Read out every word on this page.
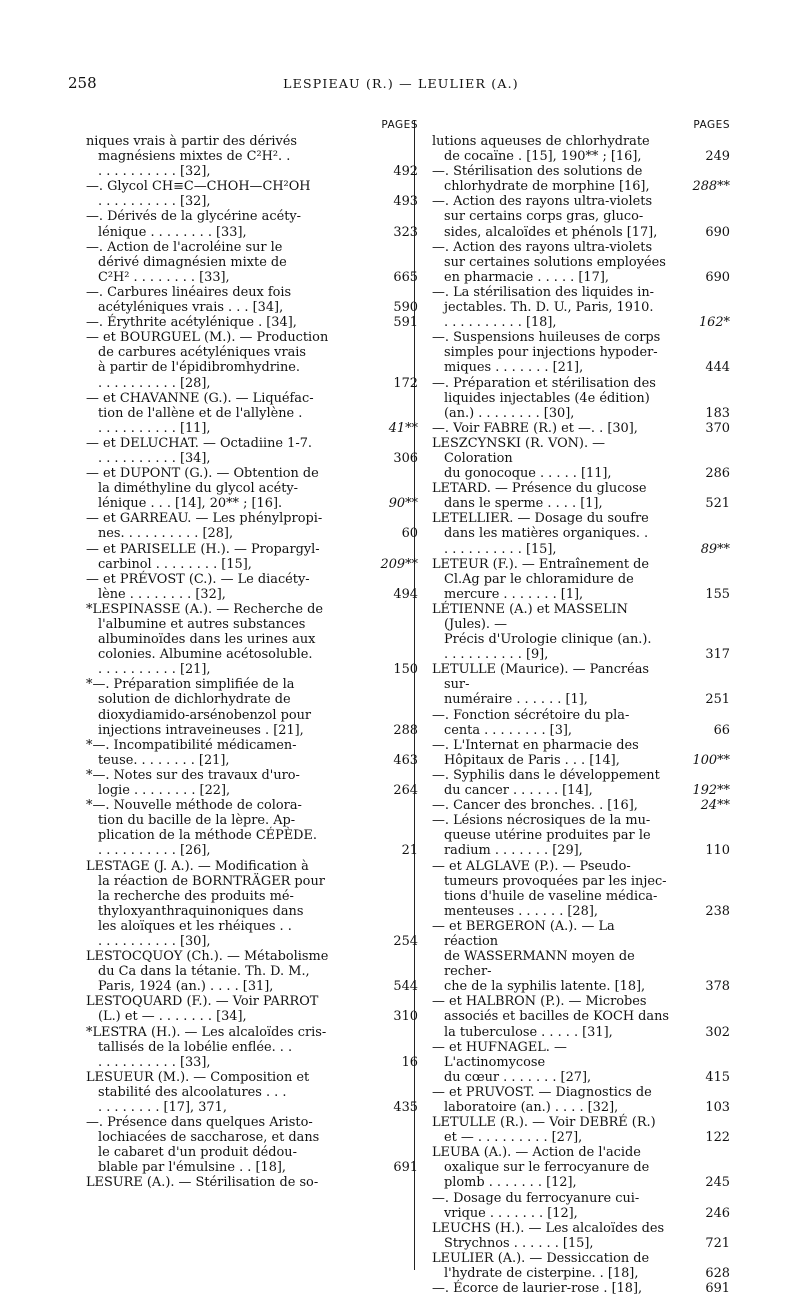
258	LESPIEAU (R.) — LEULIER (A.)
PAGES
niques vrais à partir des dérivés
magnésiens mixtes de C²H². .
. . . . . . . . . . [32],	492
—. Glycol CH≡C—CHOH—CH²OH
. . . . . . . . . . [32],	493
—. Dérivés de la glycérine acéty-
lénique . . . . . . . . [33],	323
—. Action de l'acroléine sur le
dérivé dimagnésien mixte de
C²H² . . . . . . . . [33],	665
—. Carbures linéaires deux fois
acétyléniques vrais . . . [34],	590
—. Érythrite acétylénique . [34],	591
— et BOURGUEL (M.). — Production
de carbures acétyléniques vrais
à partir de l'épidibromhydrine.
. . . . . . . . . . [28],	172
— et CHAVANNE (G.). — Liquéfac-
tion de l'allène et de l'allylène .
. . . . . . . . . . [11],	41**
— et DELUCHAT. — Octadiine 1-7.
. . . . . . . . . . [34],	306
— et DUPONT (G.). — Obtention de
la diméthyline du glycol acéty-
lénique . . . [14], 20** ; [16].	90**
— et GARREAU. — Les phénylpropi-
nes. . . . . . . . . . [28],	60
— et PARISELLE (H.). — Propargyl-
carbinol . . . . . . . . [15],	209**
— et PRÉVOST (C.). — Le diacéty-
lène . . . . . . . . [32],	494
*LESPINASSE (A.). — Recherche de
l'albumine et autres substances
albuminoïdes dans les urines aux
colonies. Albumine acétosoluble.
. . . . . . . . . . [21],	150
*—. Préparation simplifiée de la
solution de dichlorhydrate de
dioxydiamido-arsénobenzol pour
injections intraveineuses . [21],	288
*—. Incompatibilité médicamen-
teuse. . . . . . . . [21],	463
*—. Notes sur des travaux d'uro-
logie . . . . . . . . [22],	264
*—. Nouvelle méthode de colora-
tion du bacille de la lèpre. Ap-
plication de la méthode CÉPÈDE.
. . . . . . . . . . [26],	21
LESTAGE (J. A.). — Modification à
la réaction de BORNTRÄGER pour
la recherche des produits mé-
thyloxyanthraquinoniques dans
les aloïques et les rhéiques . .
. . . . . . . . . . [30],	254
LESTOCQUOY (Ch.). — Métabolisme
du Ca dans la tétanie. Th. D. M.,
Paris, 1924 (an.) . . . . [31],	544
LESTOQUARD (F.). — Voir PARROT
(L.) et — . . . . . . . [34],	310
*LESTRA (H.). — Les alcaloïdes cris-
tallisés de la lobélie enflée. . .
. . . . . . . . . . [33],	16
LESUEUR (M.). — Composition et
stabilité des alcoolatures . . .
. . . . . . . . [17], 371,	435
—. Présence dans quelques Aristo-
lochiacées de saccharose, et dans
le cabaret d'un produit dédou-
blable par l'émulsine . . [18],	691
LESURE (A.). — Stérilisation de so-
PAGES
lutions aqueuses de chlorhydrate
de cocaïne . [15], 190** ; [16],	249
—. Stérilisation des solutions de
chlorhydrate de morphine [16],	288**
—. Action des rayons ultra-violets
sur certains corps gras, gluco-
sides, alcaloïdes et phénols [17],	690
—. Action des rayons ultra-violets
sur certaines solutions employées
en pharmacie . . . . . [17],	690
—. La stérilisation des liquides in-
jectables. Th. D. U., Paris, 1910.
. . . . . . . . . . [18],	162*
—. Suspensions huileuses de corps
simples pour injections hypoder-
miques . . . . . . . [21],	444
—. Préparation et stérilisation des
liquides injectables (4e édition)
(an.) . . . . . . . . [30],	183
—. Voir FABRE (R.) et —. . [30],	370
LESZCYNSKI (R. VON). — Coloration
du gonocoque . . . . . [11],	286
LETARD. — Présence du glucose
dans le sperme . . . . [1],	521
LETELLIER. — Dosage du soufre
dans les matières organiques. .
. . . . . . . . . . [15],	89**
LETEUR (F.). — Entraînement de
Cl.Ag par le chloramidure de
mercure . . . . . . . [1],	155
LÉTIENNE (A.) et MASSELIN (Jules). —
Précis d'Urologie clinique (an.).
. . . . . . . . . . [9],	317
LETULLE (Maurice). — Pancréas sur-
numéraire . . . . . . [1],	251
—. Fonction sécrétoire du pla-
centa . . . . . . . . [3],	66
—. L'Internat en pharmacie des
Hôpitaux de Paris . . . [14],	100**
—. Syphilis dans le développement
du cancer . . . . . . [14],	192**
—. Cancer des bronches. . [16],	24**
—. Lésions nécrosiques de la mu-
queuse utérine produites par le
radium . . . . . . . [29],	110
— et ALGLAVE (P.). — Pseudo-
tumeurs provoquées par les injec-
tions d'huile de vaseline médica-
menteuses . . . . . . [28],	238
— et BERGERON (A.). — La réaction
de WASSERMANN moyen de recher-
che de la syphilis latente. [18],	378
— et HALBRON (P.). — Microbes
associés et bacilles de KOCH dans
la tuberculose . . . . . [31],	302
— et HUFNAGEL. — L'actinomycose
du cœur . . . . . . . [27],	415
— et PRUVOST. — Diagnostics de
laboratoire (an.) . . . . [32],	103
LETULLE (R.). — Voir DEBRÉ (R.)
et — . . . . . . . . . [27],	122
LEUBA (A.). — Action de l'acide
oxalique sur le ferrocyanure de
plomb . . . . . . . [12],	245
—. Dosage du ferrocyanure cui-
vrique . . . . . . . [12],	246
LEUCHS (H.). — Les alcaloïdes des
Strychnos . . . . . . [15],	721
LEULIER (A.). — Dessiccation de
l'hydrate de cisterpine. . [18],	628
—. Écorce de laurier-rose . [18],	691
